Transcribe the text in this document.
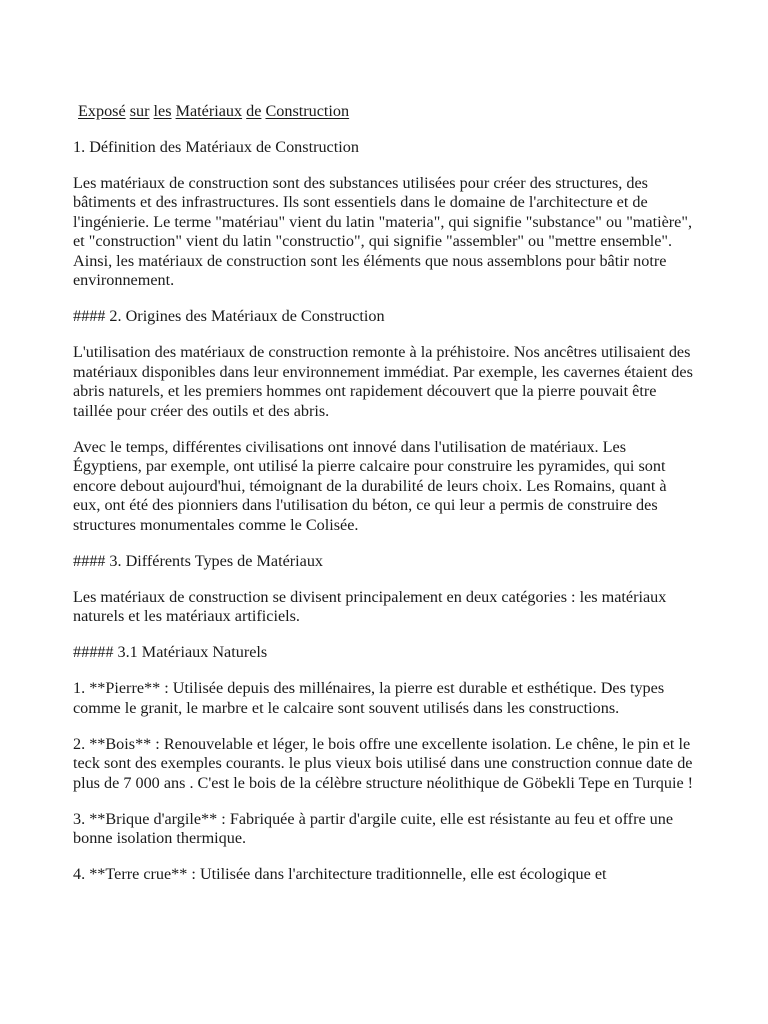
Exposé sur les Matériaux de Construction

1. Définition des Matériaux de Construction

Les matériaux de construction sont des substances utilisées pour créer des structures, des bâtiments et des infrastructures. Ils sont essentiels dans le domaine de l'architecture et de l'ingénierie. Le terme "matériau" vient du latin "materia", qui signifie "substance" ou "matière", et "construction" vient du latin "constructio", qui signifie "assembler" ou "mettre ensemble". Ainsi, les matériaux de construction sont les éléments que nous assemblons pour bâtir notre environnement.

#### 2. Origines des Matériaux de Construction

L'utilisation des matériaux de construction remonte à la préhistoire. Nos ancêtres utilisaient des matériaux disponibles dans leur environnement immédiat. Par exemple, les cavernes étaient des abris naturels, et les premiers hommes ont rapidement découvert que la pierre pouvait être taillée pour créer des outils et des abris.

Avec le temps, différentes civilisations ont innové dans l'utilisation de matériaux. Les Égyptiens, par exemple, ont utilisé la pierre calcaire pour construire les pyramides, qui sont encore debout aujourd'hui, témoignant de la durabilité de leurs choix. Les Romains, quant à eux, ont été des pionniers dans l'utilisation du béton, ce qui leur a permis de construire des structures monumentales comme le Colisée.

#### 3. Différents Types de Matériaux

Les matériaux de construction se divisent principalement en deux catégories : les matériaux naturels et les matériaux artificiels.

##### 3.1 Matériaux Naturels

1. **Pierre** : Utilisée depuis des millénaires, la pierre est durable et esthétique. Des types comme le granit, le marbre et le calcaire sont souvent utilisés dans les constructions.

2. **Bois** : Renouvelable et léger, le bois offre une excellente isolation. Le chêne, le pin et le teck sont des exemples courants. le plus vieux bois utilisé dans une construction connue date de plus de 7 000 ans . C'est le bois de la célèbre structure néolithique de Göbekli Tepe en Turquie !

3. **Brique d'argile** : Fabriquée à partir d'argile cuite, elle est résistante au feu et offre une bonne isolation thermique.

4. **Terre crue** : Utilisée dans l'architecture traditionnelle, elle est écologique et
